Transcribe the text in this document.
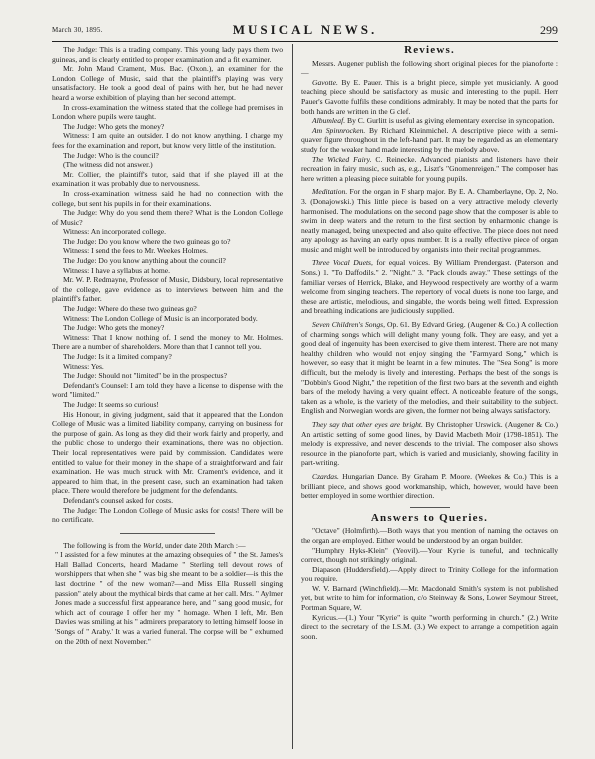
March 30, 1895.	MUSICAL NEWS.	299

The Judge: This is a trading company. This young lady pays them two guineas, and is clearly entitled to proper examination and a fit examiner.

Mr. John Maud Crament, Mus. Bac. (Oxon.), an examiner for the London College of Music, said that the plaintiff's playing was very unsatisfactory. He took a good deal of pains with her, but he had never heard a worse exhibition of playing than her second attempt.

In cross-examination the witness stated that the college had premises in London where pupils were taught.

The Judge: Who gets the money?

Witness: I am quite an outsider. I do not know anything. I charge my fees for the examination and report, but know very little of the institution.

The Judge: Who is the council?

(The witness did not answer.)

Mr. Collier, the plaintiff's tutor, said that if she played ill at the examination it was probably due to nervousness.

In cross-examination witness said he had no connection with the college, but sent his pupils in for their examinations.

The Judge: Why do you send them there? What is the London College of Music?

Witness: An incorporated college.

The Judge: Do you know where the two guineas go to?

Witness: I send the fees to Mr. Weekes Holmes.

The Judge: Do you know anything about the council?

Witness: I have a syllabus at home.

Mr. W. P. Redmayne, Professor of Music, Didsbury, local representative of the college, gave evidence as to interviews between him and the plaintiff's father.

The Judge: Where do these two guineas go?

Witness: The London College of Music is an incorporated body.

The Judge: Who gets the money?

Witness: That I know nothing of. I send the money to Mr. Holmes. There are a number of shareholders. More than that I cannot tell you.

The Judge: Is it a limited company?

Witness: Yes.

The Judge: Should not "limited" be in the prospectus?

Defendant's Counsel: I am told they have a license to dispense with the word "limited."

The Judge: It seems so curious!

His Honour, in giving judgment, said that it appeared that the London College of Music was a limited liability company, carrying on business for the purpose of gain. As long as they did their work fairly and properly, and the public chose to undergo their examinations, there was no objection. Their local representatives were paid by commission. Candidates were entitled to value for their money in the shape of a straightforward and fair examination. He was much struck with Mr. Crament's evidence, and it appeared to him that, in the present case, such an examination had taken place. There would therefore be judgment for the defendants.

Defendant's counsel asked for costs.

The Judge: The London College of Music asks for costs! There will be no certificate.

The following is from the World, under date 20th March :—

" I assisted for a few minutes at the amazing obsequies of " the St. James's Hall Ballad Concerts, heard Madame " Sterling tell devout rows of worshippers that when she " was big she meant to be a soldier—is this the last doctrine " of the new woman?—and Miss Ella Russell singing passion" ately about the mythical birds that came at her call. Mrs. " Aylmer Jones made a successful first appearance here, and " sang good music, for which act of courage I offer her my " homage. When I left, Mr. Ben Davies was smiling at his " admirers preparatory to letting himself loose in 'Songs of " Araby.' It was a varied funeral. The corpse will be " exhumed on the 20th of next November."

Reviews.

Messrs. Augener publish the following short original pieces for the pianoforte :—

Gavotte. By E. Pauer. This is a bright piece, simple yet musicianly. A good teaching piece should be satisfactory as music and interesting to the pupil. Herr Pauer's Gavotte fulfils these conditions admirably. It may be noted that the parts for both hands are written in the G clef.

Albumleaf. By C. Gurlitt is useful as giving elementary exercise in syncopation.

Am Spinnrocken. By Richard Kleinmichel. A descriptive piece with a semi-quaver figure throughout in the left-hand part. It may be regarded as an elementary study for the weaker hand made interesting by the melody above.

The Wicked Fairy. C. Reinecke. Advanced pianists and listeners have their recreation in fairy music, such as, e.g., Liszt's "Gnomenreigen." The composer has here written a pleasing piece suitable for young pupils.

Meditation. For the organ in F sharp major. By E. A. Chamberlayne, Op. 2, No. 3. (Donajowski.) This little piece is based on a very attractive melody cleverly harmonised. The modulations on the second page show that the composer is able to swim in deep waters and the return to the first section by enharmonic change is neatly managed, being unexpected and also quite effective. The piece does not need any apology as having an early opus number. It is a really effective piece of organ music and might well be introduced by organists into their recital programmes.

Three Vocal Duets, for equal voices. By William Prendergast. (Paterson and Sons.) 1. "To Daffodils." 2. "Night." 3. "Pack clouds away." These settings of the familiar verses of Herrick, Blake, and Heywood respectively are worthy of a warm welcome from singing teachers. The repertory of vocal duets is none too large, and these are artistic, melodious, and singable, the words being well fitted. Expression and breathing indications are judiciously supplied.

Seven Children's Songs, Op. 61. By Edvard Grieg. (Augener & Co.) A collection of charming songs which will delight many young folk. They are easy, and yet a good deal of ingenuity has been exercised to give them interest. There are not many healthy children who would not enjoy singing the "Farmyard Song," which is however, so easy that it might be learnt in a few minutes. The "Sea Song" is more difficult, but the melody is lively and interesting. Perhaps the best of the songs is "Dobbin's Good Night," the repetition of the first two bars at the seventh and eighth bars of the melody having a very quaint effect. A noticeable feature of the songs, taken as a whole, is the variety of the melodies, and their suitability to the subject. English and Norwegian words are given, the former not being always satisfactory.

They say that other eyes are bright. By Christopher Urswick. (Augener & Co.) An artistic setting of some good lines, by David Macbeth Moir (1798-1851). The melody is expressive, and never descends to the trivial. The composer also shows resource in the pianoforte part, which is varied and musicianly, showing facility in part-writing.

Czardas. Hungarian Dance. By Graham P. Moore. (Weekes & Co.) This is a brilliant piece, and shows good workmanship, which, however, would have been better employed in some worthier direction.

Answers to Queries.

"Octave" (Holmfirth).—Both ways that you mention of naming the octaves on the organ are employed. Either would be understood by an organ builder.

"Humphry Hyks-Klein" (Yeovil).—Your Kyrie is tuneful, and technically correct, though not strikingly original.

Diapason (Huddersfield).—Apply direct to Trinity College for the information you require.

W. V. Barnard (Winchfield).—Mr. Macdonald Smith's system is not published yet, but write to him for information, c/o Steinway & Sons, Lower Seymour Street, Portman Square, W.

Kyricus.—(1.) Your "Kyrie" is quite "worth performing in church." (2.) Write direct to the secretary of the I.S.M. (3.) We expect to arrange a competition again soon.
